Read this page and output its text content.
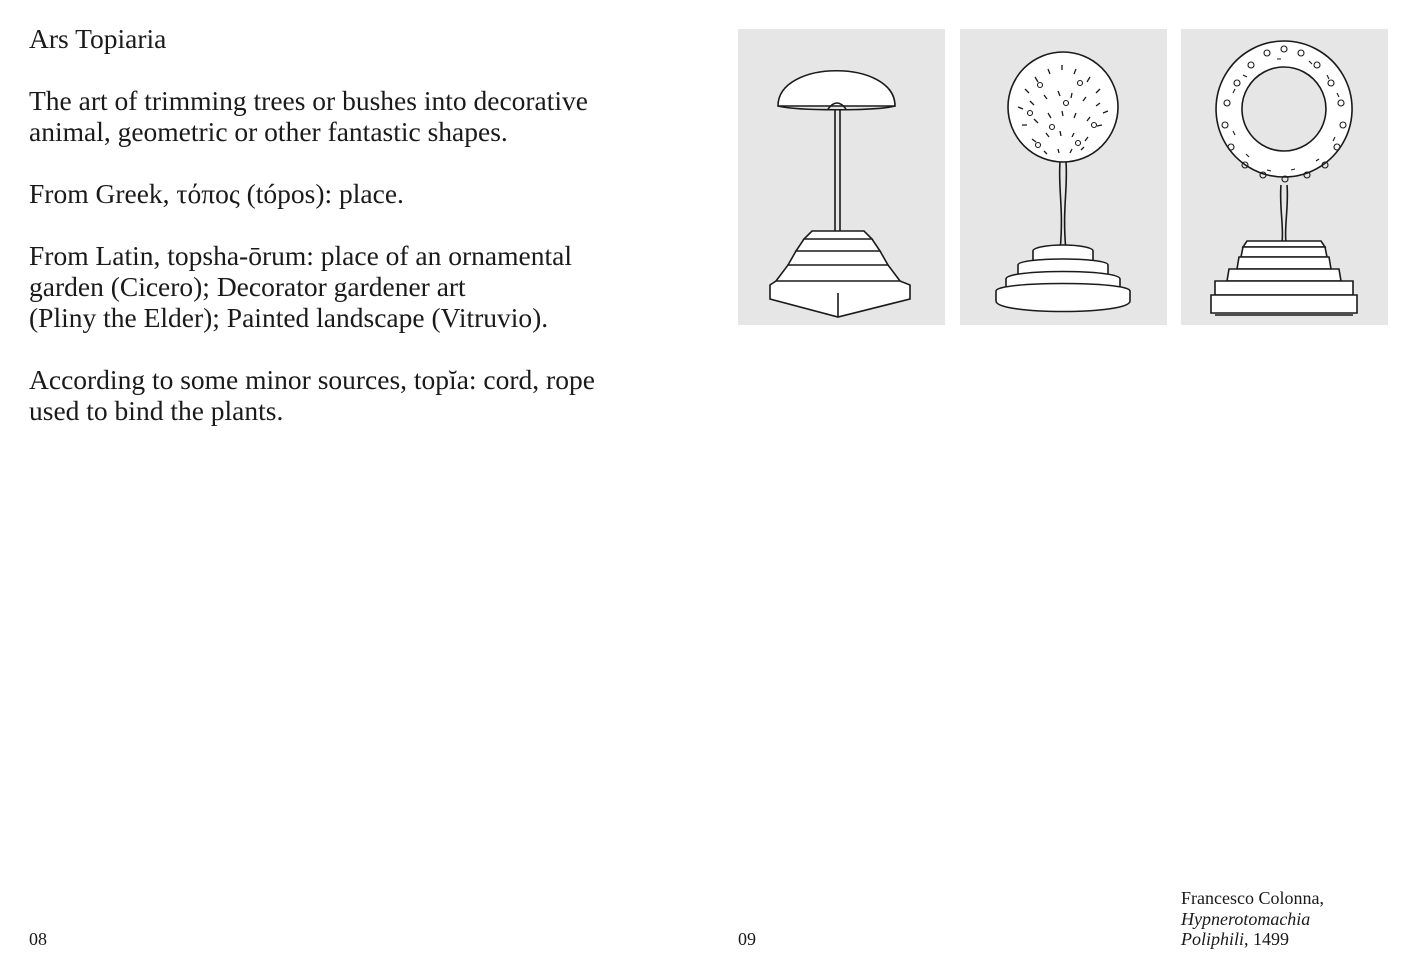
Ars Topiaria

The art of trimming trees or bushes into decorative
animal, geometric or other fantastic shapes.

From Greek, τόπος (tópos): place.

From Latin, topsha-ōrum: place of an ornamental
garden (Cicero); Decorator gardener art
(Pliny the Elder); Painted landscape (Vitruvio).

According to some minor sources, topĭa: cord, rope
used to bind the plants.

08	09
Francesco Colonna,
Hypnerotomachia
Poliphili, 1499
